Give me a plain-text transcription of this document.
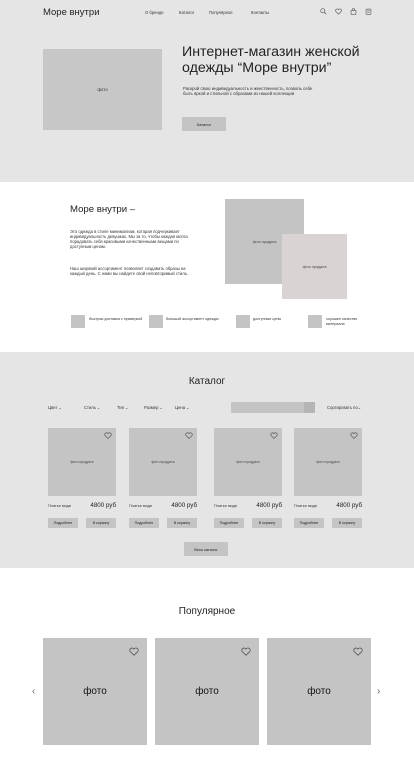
Море внутри	О бренде	Каталог	Популярное	Контакты
фото
Интернет-магазин женской одежды “Море внутри”
Раскрой свою индивидуальность и женственность, позволь себе быть яркой и стильной с образами из нашей коллекции
Каталог
Море внутри –
Это одежда в стиле минимализм, которая подчеркивает индивидуальность девушках. Мы за то, чтобы каждая могла порадовать себя красивыми качественными вещами по доступным ценам.
Наш широкий ассортимент позволяет создавать образы на каждый день. С нами вы найдете свой неповторимый стиль.
фото продукта
фото продукта
быстрая доставка с примеркой	большой ассортимент одежды	доступные цены	хорошее качество материала
Каталог
Цвет⌄	Стиль⌄	Тип⌄	Размер⌄	Цена⌄	Сортировать по⌄
фото продукта
Платье миди	4800 руб
Подробнее	В корзину
фото продукта
Платье миди	4800 руб
Подробнее	В корзину
фото продукта
Платье миди	4800 руб
Подробнее	В корзину
фото продукта
Платье миди	4800 руб
Подробнее	В корзину
Весь каталог
Популярное
‹	фото	фото	фото	›
